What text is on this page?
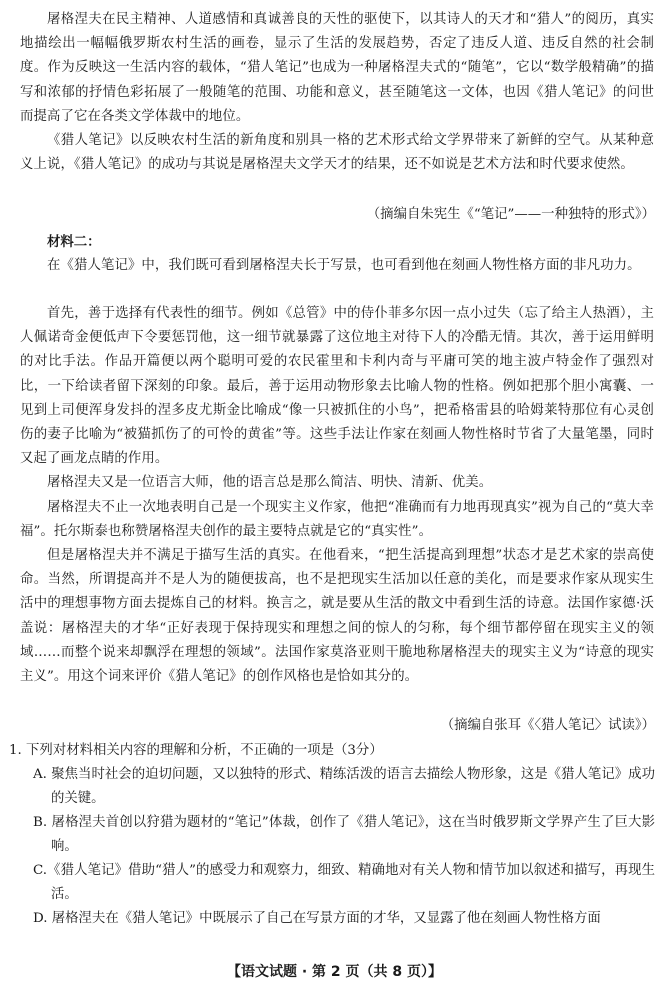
屠格涅夫在民主精神、人道感情和真诚善良的天性的驱使下，以其诗人的天才和“猎人”的阅历，真实地描绘出一幅幅俄罗斯农村生活的画卷，显示了生活的发展趋势，否定了违反人道、违反自然的社会制度。作为反映这一生活内容的载体，“猎人笔记”也成为一种屠格涅夫式的“随笔”，它以“数学般精确”的描写和浓郁的抒情色彩拓展了一般随笔的范围、功能和意义，甚至随笔这一文体，也因《猎人笔记》的问世而提高了它在各类文学体裁中的地位。

《猎人笔记》以反映农村生活的新角度和别具一格的艺术形式给文学界带来了新鲜的空气。从某种意义上说，《猎人笔记》的成功与其说是屠格涅夫文学天才的结果，还不如说是艺术方法和时代要求使然。

（摘编自朱宪生《“笔记”——一种独特的形式》）

材料二：

在《猎人笔记》中，我们既可看到屠格涅夫长于写景，也可看到他在刻画人物性格方面的非凡功力。

首先，善于选择有代表性的细节。例如《总管》中的侍仆菲多尔因一点小过失（忘了给主人热酒），主人佩诺奇金便低声下令要惩罚他，这一细节就暴露了这位地主对待下人的冷酷无情。其次，善于运用鲜明的对比手法。作品开篇便以两个聪明可爱的农民霍里和卡利内奇与平庸可笑的地主波卢特金作了强烈对比，一下给读者留下深刻的印象。最后，善于运用动物形象去比喻人物的性格。例如把那个胆小寓囊、一见到上司便浑身发抖的涅多皮尤斯金比喻成“像一只被抓住的小鸟”，把希格雷县的哈姆莱特那位有心灵创伤的妻子比喻为“被猫抓伤了的可怜的黄雀”等。这些手法让作家在刻画人物性格时节省了大量笔墨，同时又起了画龙点睛的作用。

屠格涅夫又是一位语言大师，他的语言总是那么简洁、明快、清新、优美。

屠格涅夫不止一次地表明自己是一个现实主义作家，他把“准确而有力地再现真实”视为自己的“莫大幸福”。托尔斯泰也称赞屠格涅夫创作的最主要特点就是它的“真实性”。

但是屠格涅夫并不满足于描写生活的真实。在他看来，“把生活提高到理想”状态才是艺术家的崇高使命。当然，所谓提高并不是人为的随便拔高，也不是把现实生活加以任意的美化，而是要求作家从现实生活中的理想事物方面去提炼自己的材料。换言之，就是要从生活的散文中看到生活的诗意。法国作家德·沃盖说：屠格涅夫的才华“正好表现于保持现实和理想之间的惊人的匀称，每个细节都停留在现实主义的领域……而整个说来却飘浮在理想的领域”。法国作家莫洛亚则干脆地称屠格涅夫的现实主义为“诗意的现实主义”。用这个词来评价《猎人笔记》的创作风格也是恰如其分的。

（摘编自张耳《〈猎人笔记〉试读》）

1. 下列对材料相关内容的理解和分析，不正确的一项是（3分）

A. 聚焦当时社会的迫切问题，又以独特的形式、精练活泼的语言去描绘人物形象，这是《猎人笔记》成功的关键。

B. 屠格涅夫首创以狩猎为题材的“笔记”体裁，创作了《猎人笔记》，这在当时俄罗斯文学界产生了巨大影响。

C.《猎人笔记》借助“猎人”的感受力和观察力，细致、精确地对有关人物和情节加以叙述和描写，再现生活。

D. 屠格涅夫在《猎人笔记》中既展示了自己在写景方面的才华，又显露了他在刻画人物性格方面

【语文试题 · 第 2 页（共 8 页）】
